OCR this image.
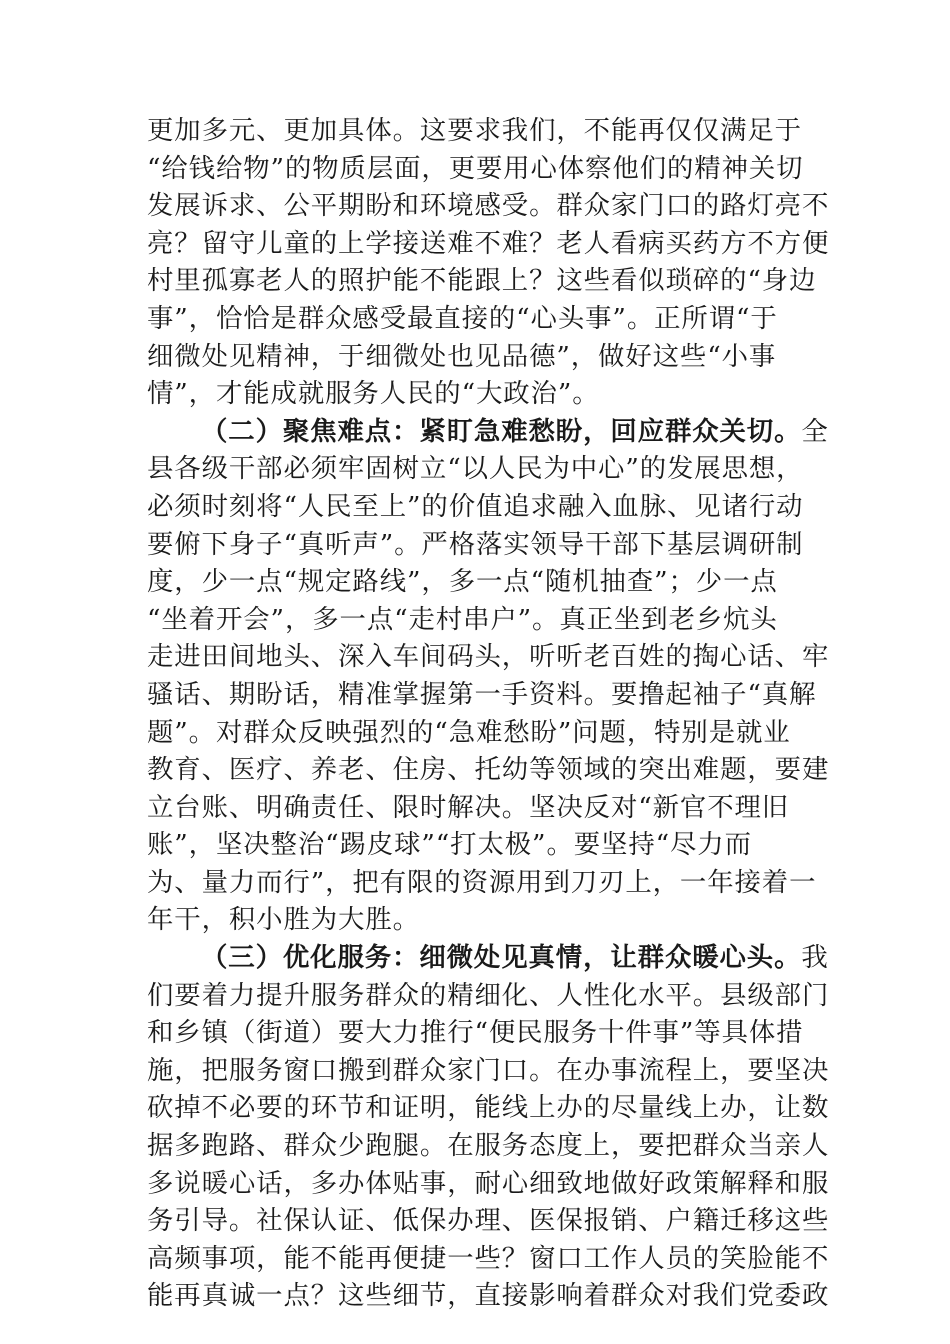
更加多元、更加具体。这要求我们，不能再仅仅满足于
“给钱给物”的物质层面，更要用心体察他们的精神关切
发展诉求、公平期盼和环境感受。群众家门口的路灯亮不
亮？留守儿童的上学接送难不难？老人看病买药方不方便
村里孤寡老人的照护能不能跟上？这些看似琐碎的“身边
事”，恰恰是群众感受最直接的“心头事”。正所谓“于
细微处见精神，于细微处也见品德”，做好这些“小事
情”，才能成就服务人民的“大政治”。
（二）聚焦难点：紧盯急难愁盼，回应群众关切。全
县各级干部必须牢固树立“以人民为中心”的发展思想，
必须时刻将“人民至上”的价值追求融入血脉、见诸行动
要俯下身子“真听声”。严格落实领导干部下基层调研制
度，少一点“规定路线”，多一点“随机抽查”；少一点
“坐着开会”，多一点“走村串户”。真正坐到老乡炕头
走进田间地头、深入车间码头，听听老百姓的掏心话、牢
骚话、期盼话，精准掌握第一手资料。要撸起袖子“真解
题”。对群众反映强烈的“急难愁盼”问题，特别是就业
教育、医疗、养老、住房、托幼等领域的突出难题，要建
立台账、明确责任、限时解决。坚决反对“新官不理旧
账”，坚决整治“踢皮球”“打太极”。要坚持“尽力而
为、量力而行”，把有限的资源用到刀刃上，一年接着一
年干，积小胜为大胜。
（三）优化服务：细微处见真情，让群众暖心头。我
们要着力提升服务群众的精细化、人性化水平。县级部门
和乡镇（街道）要大力推行“便民服务十件事”等具体措
施，把服务窗口搬到群众家门口。在办事流程上，要坚决
砍掉不必要的环节和证明，能线上办的尽量线上办，让数
据多跑路、群众少跑腿。在服务态度上，要把群众当亲人
多说暖心话，多办体贴事，耐心细致地做好政策解释和服
务引导。社保认证、低保办理、医保报销、户籍迁移这些
高频事项，能不能再便捷一些？窗口工作人员的笑脸能不
能再真诚一点？这些细节，直接影响着群众对我们党委政
